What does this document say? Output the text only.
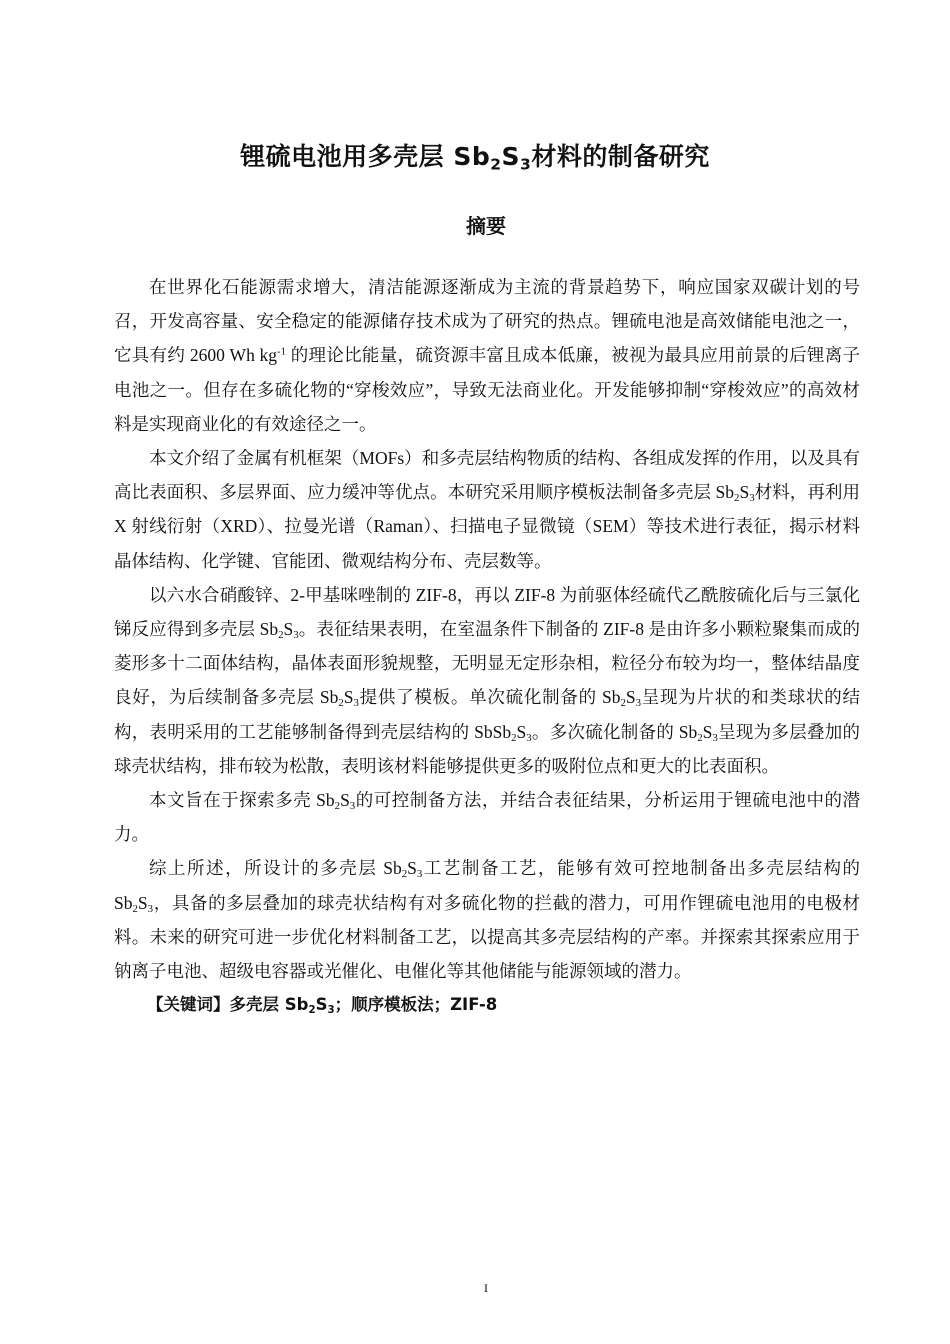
锂硫电池用多壳层 $Sb_2S_3$材料的制备研究
摘要

在世界化石能源需求增大，清洁能源逐渐成为主流的背景趋势下，响应国家双碳计划的号召，开发高容量、安全稳定的能源储存技术成为了研究的热点。锂硫电池是高效储能电池之一，它具有约 2600 Wh $kg^{-1}$ 的理论比能量，硫资源丰富且成本低廉，被视为最具应用前景的后锂离子电池之一。但存在多硫化物的“穿梭效应”，导致无法商业化。开发能够抑制“穿梭效应”的高效材料是实现商业化的有效途径之一。

本文介绍了金属有机框架（MOFs）和多壳层结构物质的结构、各组成发挥的作用，以及具有高比表面积、多层界面、应力缓冲等优点。本研究采用顺序模板法制备多壳层 $Sb_2S_3$材料，再利用 X 射线衍射（XRD）、拉曼光谱（Raman）、扫描电子显微镜（SEM）等技术进行表征，揭示材料晶体结构、化学键、官能团、微观结构分布、壳层数等。

以六水合硝酸锌、2-甲基咪唑制的 ZIF-8，再以 ZIF-8 为前驱体经硫代乙酰胺硫化后与三氯化锑反应得到多壳层 $Sb_2S_3$。表征结果表明，在室温条件下制备的 ZIF-8 是由许多小颗粒聚集而成的菱形多十二面体结构，晶体表面形貌规整，无明显无定形杂相，粒径分布较为均一，整体结晶度良好，为后续制备多壳层 $Sb_2S_3$提供了模板。单次硫化制备的 $Sb_2S_3$呈现为片状的和类球状的结构，表明采用的工艺能够制备得到壳层结构的 $SbSb_2S_3$。多次硫化制备的 $Sb_2S_3$呈现为多层叠加的球壳状结构，排布较为松散，表明该材料能够提供更多的吸附位点和更大的比表面积。

本文旨在于探索多壳 $Sb_2S_3$的可控制备方法，并结合表征结果，分析运用于锂硫电池中的潜力。

综上所述，所设计的多壳层 $Sb_2S_3$工艺制备工艺，能够有效可控地制备出多壳层结构的 $Sb_2S_3$，具备的多层叠加的球壳状结构有对多硫化物的拦截的潜力，可用作锂硫电池用的电极材料。未来的研究可进一步优化材料制备工艺，以提高其多壳层结构的产率。并探索其探索应用于钠离子电池、超级电容器或光催化、电催化等其他储能与能源领域的潜力。

【关键词】多壳层 $Sb_2S_3$；顺序模板法；ZIF-8

I
